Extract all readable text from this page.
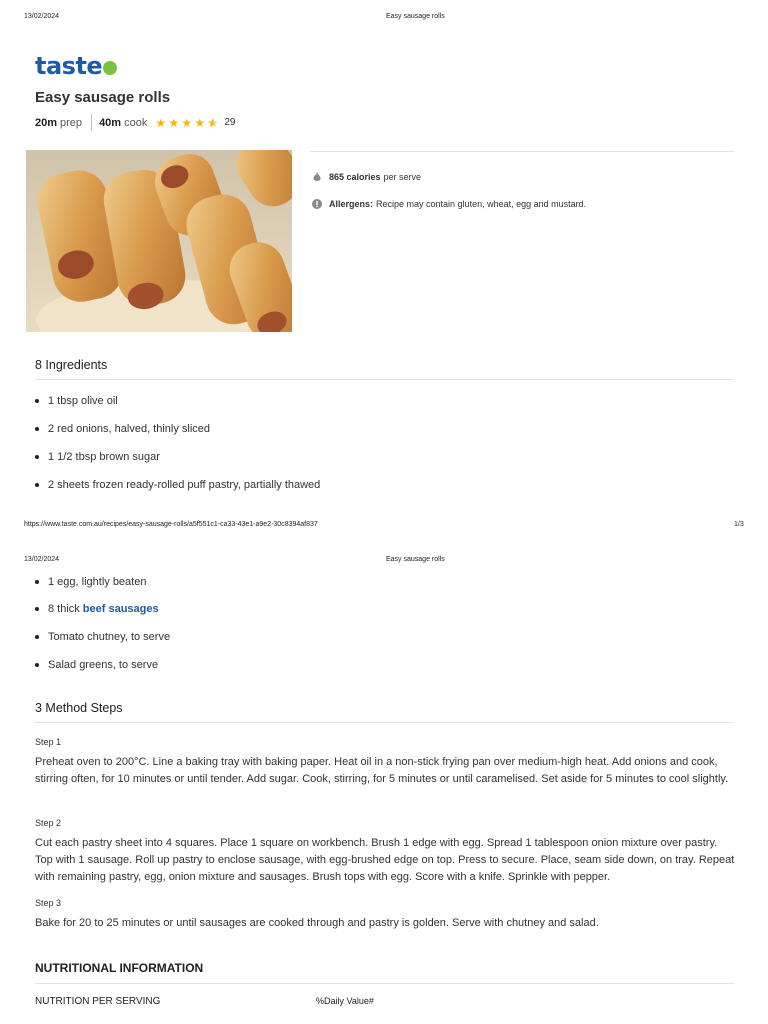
13/02/2024	Easy sausage rolls
taste
Easy sausage rolls
20m prep 40m cook ★ ★ ★ ★ 29
865 calories per serve
Allergens: Recipe may contain gluten, wheat, egg and mustard.
8 Ingredients
1 tbsp olive oil
2 red onions, halved, thinly sliced
1 1/2 tbsp brown sugar
2 sheets frozen ready-rolled puff pastry, partially thawed
https://www.taste.com.au/recipes/easy-sausage-rolls/a5f551c1-ca33-43e1-a9e2-30c8394af837	1/3
13/02/2024	Easy sausage rolls
1 egg, lightly beaten
8 thick beef sausages
Tomato chutney, to serve
Salad greens, to serve
3 Method Steps
Step 1

Preheat oven to 200°C. Line a baking tray with baking paper. Heat oil in a non-stick frying pan over medium-high heat. Add onions and cook, stirring often, for 10 minutes or until tender. Add sugar. Cook, stirring, for 5 minutes or until caramelised. Set aside for 5 minutes to cool slightly.

Step 2

Cut each pastry sheet into 4 squares. Place 1 square on workbench. Brush 1 edge with egg. Spread 1 tablespoon onion mixture over pastry. Top with 1 sausage. Roll up pastry to enclose sausage, with egg-brushed edge on top. Press to secure. Place, seam side down, on tray. Repeat with remaining pastry, egg, onion mixture and sausages. Brush tops with egg. Score with a knife. Sprinkle with pepper.

Step 3

Bake for 20 to 25 minutes or until sausages are cooked through and pastry is golden. Serve with chutney and salad.

NUTRITIONAL INFORMATION
NUTRITION PER SERVING	%Daily Value#
